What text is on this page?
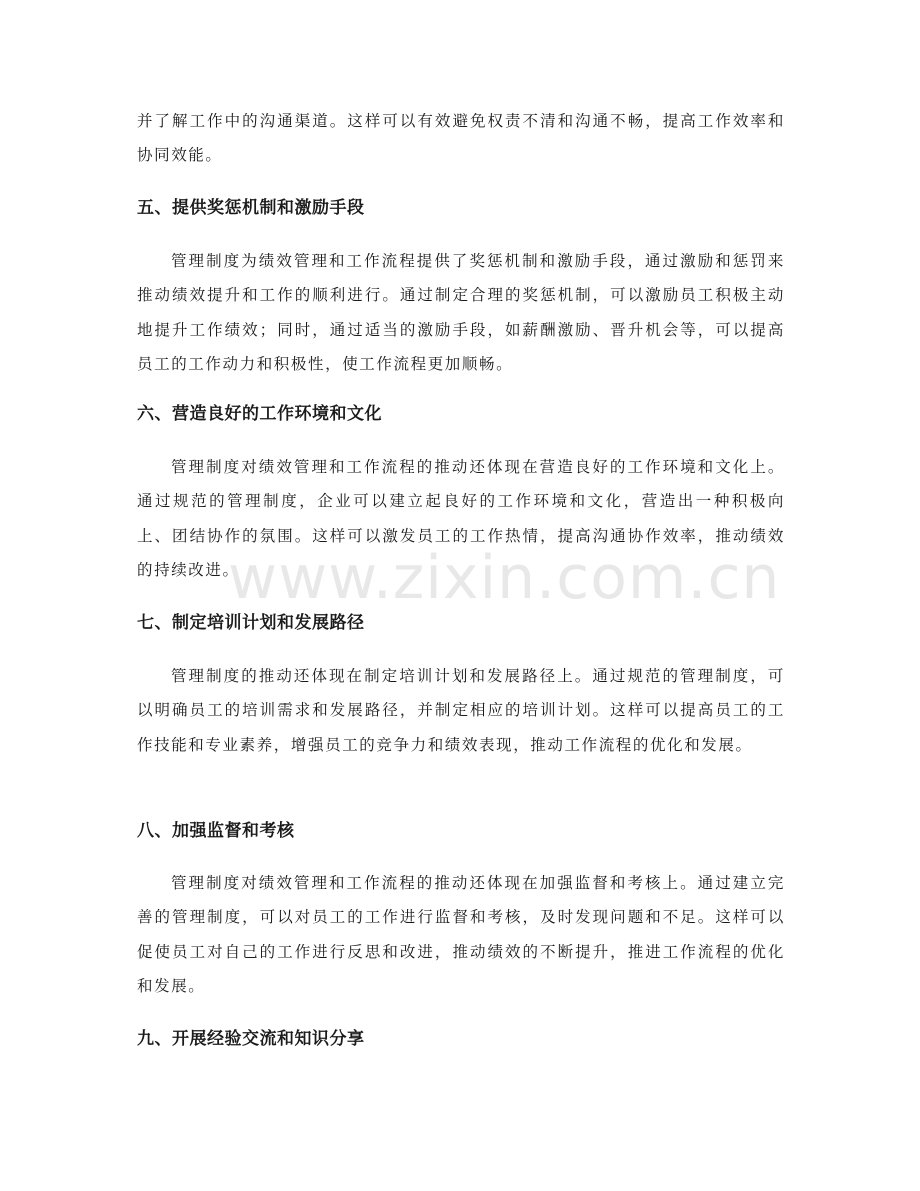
并了解工作中的沟通渠道。这样可以有效避免权责不清和沟通不畅，提高工作效率和协同效能。

五、提供奖惩机制和激励手段

管理制度为绩效管理和工作流程提供了奖惩机制和激励手段，通过激励和惩罚来推动绩效提升和工作的顺利进行。通过制定合理的奖惩机制，可以激励员工积极主动地提升工作绩效；同时，通过适当的激励手段，如薪酬激励、晋升机会等，可以提高员工的工作动力和积极性，使工作流程更加顺畅。

六、营造良好的工作环境和文化

管理制度对绩效管理和工作流程的推动还体现在营造良好的工作环境和文化上。通过规范的管理制度，企业可以建立起良好的工作环境和文化，营造出一种积极向上、团结协作的氛围。这样可以激发员工的工作热情，提高沟通协作效率，推动绩效的持续改进。

七、制定培训计划和发展路径

管理制度的推动还体现在制定培训计划和发展路径上。通过规范的管理制度，可以明确员工的培训需求和发展路径，并制定相应的培训计划。这样可以提高员工的工作技能和专业素养，增强员工的竞争力和绩效表现，推动工作流程的优化和发展。

八、加强监督和考核

管理制度对绩效管理和工作流程的推动还体现在加强监督和考核上。通过建立完善的管理制度，可以对员工的工作进行监督和考核，及时发现问题和不足。这样可以促使员工对自己的工作进行反思和改进，推动绩效的不断提升，推进工作流程的优化和发展。

九、开展经验交流和知识分享
www.zixin.com.cn
